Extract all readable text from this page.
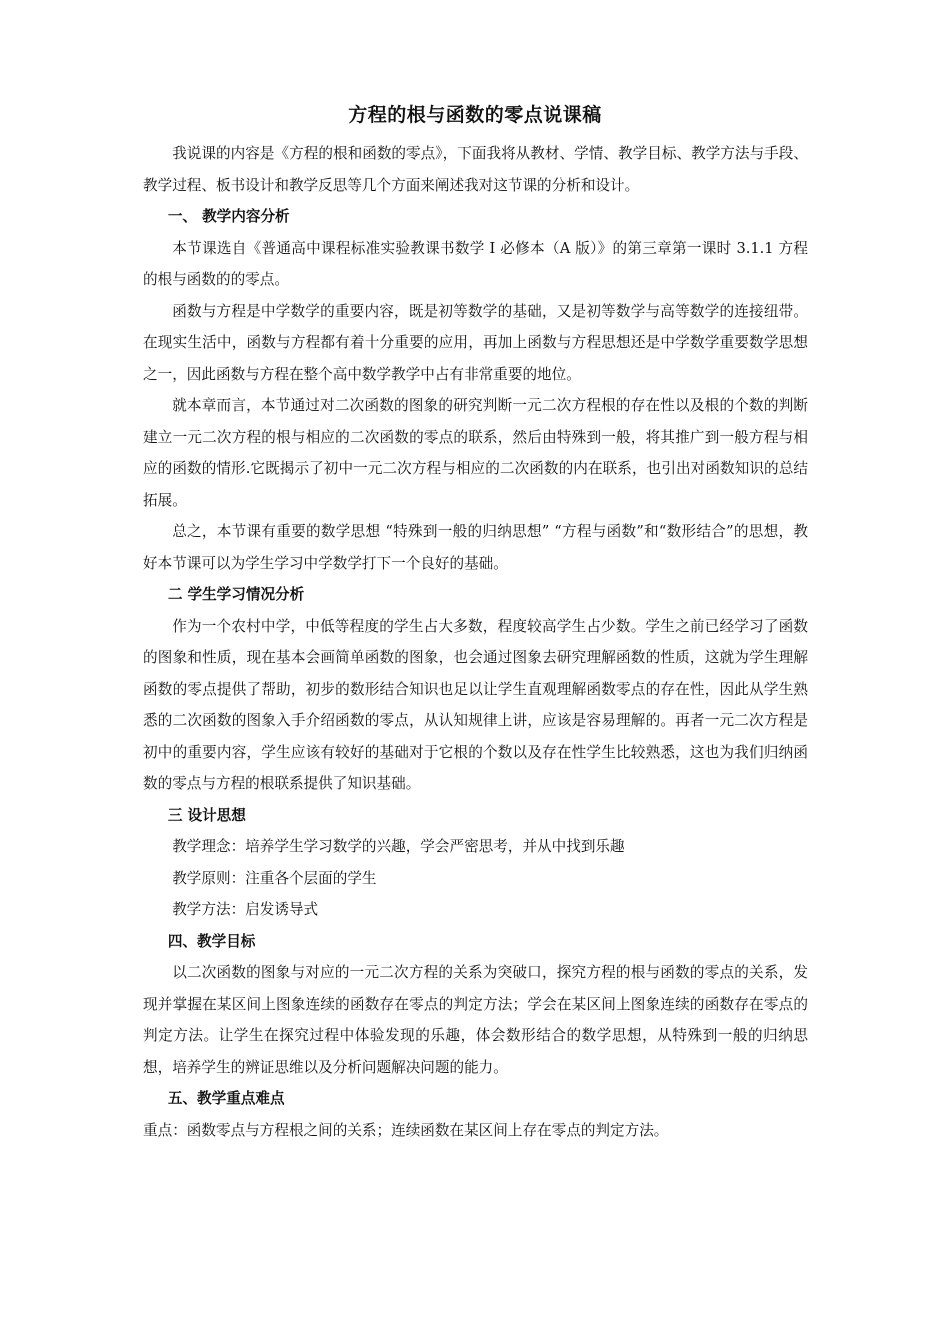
方程的根与函数的零点说课稿

我说课的内容是《方程的根和函数的零点》，下面我将从教材、学情、教学目标、教学方法与手段、教学过程、板书设计和教学反思等几个方面来阐述我对这节课的分析和设计。

一、 教学内容分析

本节课选自《普通高中课程标准实验教课书数学 I 必修本（A 版）》的第三章第一课时 3.1.1 方程的根与函数的的零点。

函数与方程是中学数学的重要内容，既是初等数学的基础，又是初等数学与高等数学的连接纽带。在现实生活中，函数与方程都有着十分重要的应用，再加上函数与方程思想还是中学数学重要数学思想之一，因此函数与方程在整个高中数学教学中占有非常重要的地位。

就本章而言，本节通过对二次函数的图象的研究判断一元二次方程根的存在性以及根的个数的判断建立一元二次方程的根与相应的二次函数的零点的联系，然后由特殊到一般，将其推广到一般方程与相应的函数的情形.它既揭示了初中一元二次方程与相应的二次函数的内在联系，也引出对函数知识的总结拓展。

总之，本节课有重要的数学思想 “特殊到一般的归纳思想” “方程与函数”和“数形结合”的思想，教好本节课可以为学生学习中学数学打下一个良好的基础。

二 学生学习情况分析

作为一个农村中学，中低等程度的学生占大多数，程度较高学生占少数。学生之前已经学习了函数的图象和性质，现在基本会画简单函数的图象，也会通过图象去研究理解函数的性质，这就为学生理解函数的零点提供了帮助，初步的数形结合知识也足以让学生直观理解函数零点的存在性，因此从学生熟悉的二次函数的图象入手介绍函数的零点，从认知规律上讲，应该是容易理解的。再者一元二次方程是初中的重要内容，学生应该有较好的基础对于它根的个数以及存在性学生比较熟悉，这也为我们归纳函数的零点与方程的根联系提供了知识基础。

三 设计思想

教学理念：培养学生学习数学的兴趣，学会严密思考，并从中找到乐趣

教学原则：注重各个层面的学生

教学方法：启发诱导式

四、教学目标

以二次函数的图象与对应的一元二次方程的关系为突破口，探究方程的根与函数的零点的关系，发现并掌握在某区间上图象连续的函数存在零点的判定方法；学会在某区间上图象连续的函数存在零点的判定方法。让学生在探究过程中体验发现的乐趣，体会数形结合的数学思想，从特殊到一般的归纳思想，培养学生的辨证思维以及分析问题解决问题的能力。

五、教学重点难点

重点：函数零点与方程根之间的关系；连续函数在某区间上存在零点的判定方法。
